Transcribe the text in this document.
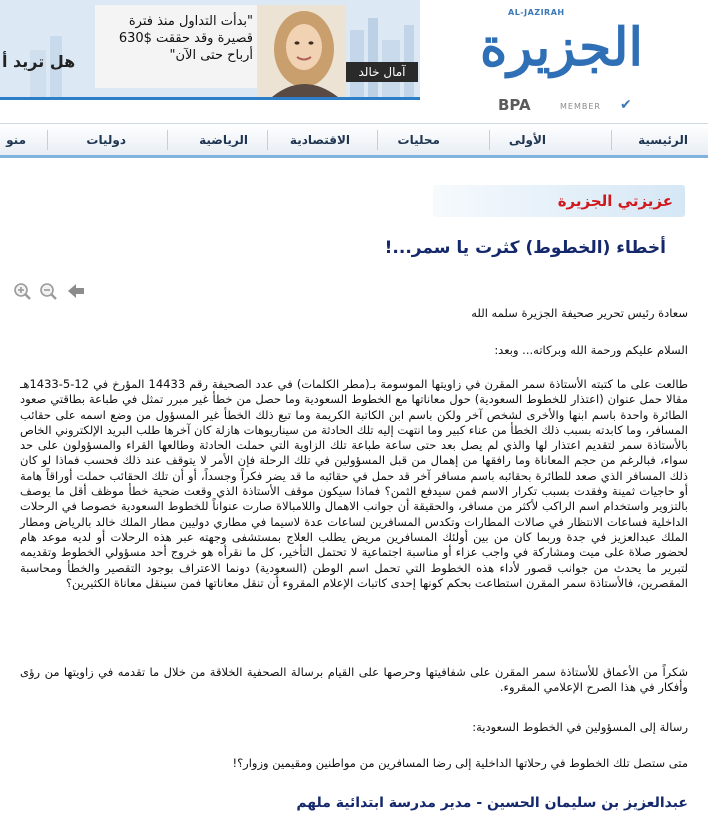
هل تريد أ
"بدأت التداول منذ فترة قصيرة وقد حققت $630 أرباح حتى الآن"
آمال خالد
AL-JAZIRAH
الجزيرة
BPA	MEMBER ✔
الرئيسية
الأولى
محليات
الاقتصادية
الرياضية
دوليات
منو
عزيزتي الجزيرة
أخطاء (الخطوط) كثرت يا سمر...!
سعادة رئيس تحرير صحيفة الجزيرة سلمه الله
السلام عليكم ورحمة الله وبركاته... وبعد:
طالعت على ما كتبته الأستاذة سمر المقرن في زاويتها الموسومة بـ(مطر الكلمات) في عدد الصحيفة رقم 14433 المؤرخ في 12-5-1433هـ مقالا حمل عنوان (اعتذار للخطوط السعودية) حول معاناتها مع الخطوط السعودية وما حصل من خطأ غير مبرر تمثل في طباعة بطاقتي صعود الطائرة واحدة باسم ابنها والأخرى لشخص آخر ولكن باسم ابن الكاتبة الكريمة وما تبع ذلك الخطأ غير المسؤول من وضع اسمه على حقائب المسافر، وما كابدته بسبب ذلك الخطأ من عناء كبير وما انتهت إليه تلك الحادثة من سيناريوهات هازلة كان آخرها طلب البريد الإلكتروني الخاص بالأستاذة سمر لتقديم اعتذار لها والذي لم يصل بعد حتى ساعة طباعة تلك الزاوية التي حملت الحادثة وطالعها القراء والمسؤولون على حد سواء، فبالرغم من حجم المعاناة وما رافقها من إهمال من قبل المسؤولين في تلك الرحلة فإن الأمر لا يتوقف عند ذلك فحسب فماذا لو كان ذلك المسافر الذي صعد للطائرة بحقائبه باسم مسافر آخر قد حمل في حقائبه ما قد يضر فكراً وجسداً، أو أن تلك الحقائب حملت أوراقاً هامة أو حاجيات ثمينة وفقدت بسبب تكرار الاسم فمن سيدفع الثمن؟ فماذا سيكون موقف الأستاذة الذي وقعت ضحية خطأ موظف أقل ما يوصف بالتزوير واستخدام اسم الراكب لأكثر من مسافر، والحقيقة أن جوانب الاهمال واللامبالاة صارت عنواناً للخطوط السعودية خصوصا في الرحلات الداخلية فساعات الانتظار في صالات المطارات وتكدس المسافرين لساعات عدة لاسيما في مطاري دوليين مطار الملك خالد بالرياض ومطار الملك عبدالعزيز في جدة وربما كان من بين أولئك المسافرين مريض يطلب العلاج بمستشفى وجهته عبر هذه الرحلات أو لديه موعد هام لحضور صلاة على ميت ومشاركة في واجب عزاء أو مناسبة اجتماعية لا تحتمل التأخير، كل ما نقرأه هو خروج أحد مسؤولي الخطوط وتقديمه لتبرير ما يحدث من جوانب قصور لأداء هذه الخطوط التي تحمل اسم الوطن (السعودية) دونما الاعتراف بوجود التقصير والخطأ ومحاسبة المقصرين، فالأستاذة سمر المقرن استطاعت بحكم كونها إحدى كاتبات الإعلام المقروء أن تنقل معاناتها فمن سينقل معاناة الكثيرين؟
شكراً من الأعماق للأستاذة سمر المقرن على شفافيتها وحرصها على القيام برسالة الصحفية الخلاقة من خلال ما تقدمه في زاويتها من رؤى وأفكار في هذا الصرح الإعلامي المقروء.
رسالة إلى المسؤولين في الخطوط السعودية:
متى ستصل تلك الخطوط في رحلاتها الداخلية إلى رضا المسافرين من مواطنين ومقيمين وزوار؟!
عبدالعزيز بن سليمان الحسين - مدير مدرسة ابتدائية ملهم
